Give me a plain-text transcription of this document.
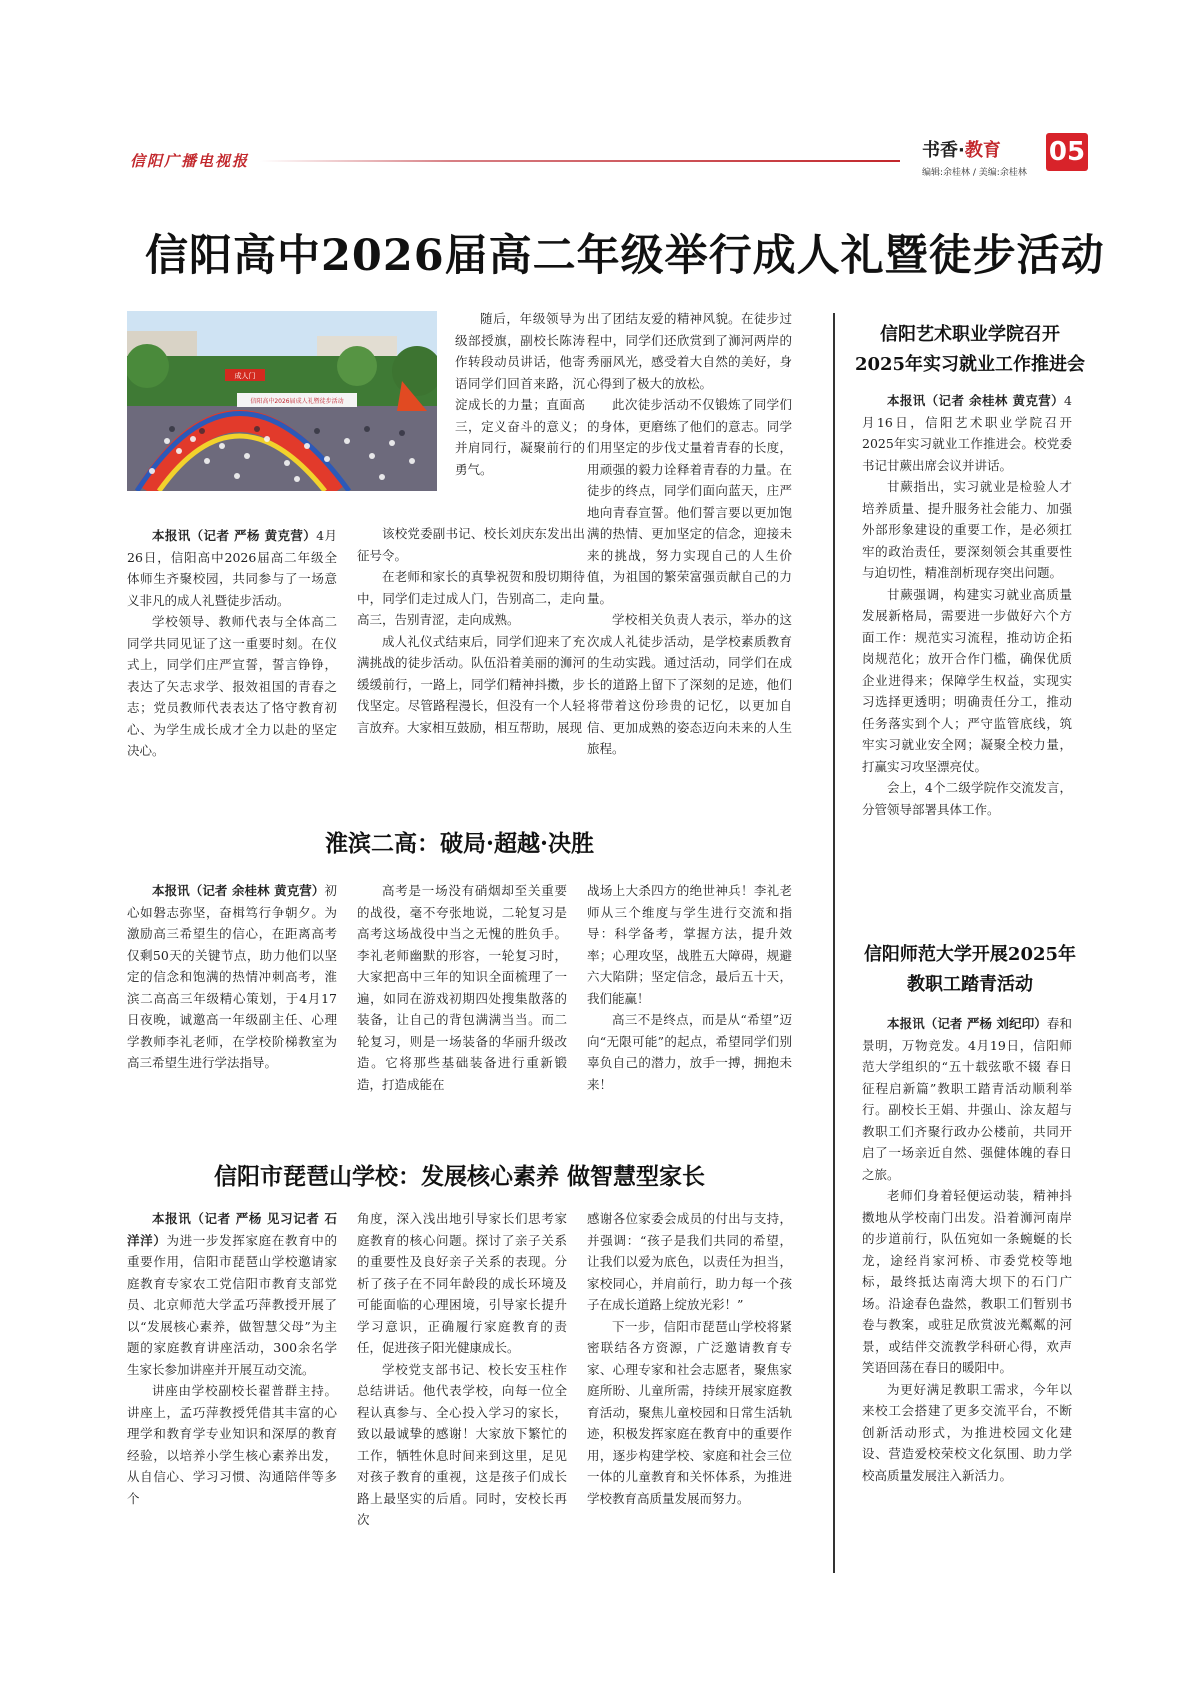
信阳广播电视报	书香·教育
编辑:余桂林 / 美编:余桂林
05
信阳高中2026届高二年级举行成人礼暨徒步活动
成人门
信阳高中2026届成人礼暨徒步活动

本报讯（记者 严杨 黄克营）4月26日，信阳高中2026届高二年级全体师生齐聚校园，共同参与了一场意义非凡的成人礼暨徒步活动。

学校领导、教师代表与全体高二同学共同见证了这一重要时刻。在仪式上，同学们庄严宣誓，誓言铮铮，表达了矢志求学、报效祖国的青春之志；党员教师代表表达了恪守教育初心、为学生成长成才全力以赴的坚定决心。

随后，年级领导为级部授旗，副校长陈涛作转段动员讲话，他寄语同学们回首来路，沉淀成长的力量；直面高三，定义奋斗的意义；并肩同行，凝聚前行的勇气。

该校党委副书记、校长刘庆东发出出征号令。

在老师和家长的真挚祝贺和殷切期待中，同学们走过成人门，告别高二，走向高三，告别青涩，走向成熟。

成人礼仪式结束后，同学们迎来了充满挑战的徒步活动。队伍沿着美丽的浉河缓缓前行，一路上，同学们精神抖擞，步伐坚定。尽管路程漫长，但没有一个人轻言放弃。大家相互鼓励，相互帮助，展现

出了团结友爱的精神风貌。在徒步过程中，同学们还欣赏到了浉河两岸的秀丽风光，感受着大自然的美好，身心得到了极大的放松。

此次徒步活动不仅锻炼了同学们的身体，更磨练了他们的意志。同学们用坚定的步伐丈量着青春的长度，用顽强的毅力诠释着青春的力量。在徒步的终点，同学们面向蓝天，庄严地向青春宣誓。他们誓言要以更加饱满的热情、更加坚定的信念，迎接未来的挑战，努力实现自己的人生价值，为祖国的繁荣富强贡献自己的力量。

学校相关负责人表示，举办的这次成人礼徒步活动，是学校素质教育的生动实践。通过活动，同学们在成长的道路上留下了深刻的足迹，他们将带着这份珍贵的记忆，以更加自信、更加成熟的姿态迈向未来的人生旅程。

淮滨二高：破局·超越·决胜

本报讯（记者 余桂林 黄克营）初心如磐志弥坚，奋楫笃行争朝夕。为激励高三希望生的信心，在距离高考仅剩50天的关键节点，助力他们以坚定的信念和饱满的热情冲刺高考，淮滨二高高三年级精心策划，于4月17日夜晚，诚邀高一年级副主任、心理学教师李礼老师，在学校阶梯教室为高三希望生进行学法指导。

高考是一场没有硝烟却至关重要的战役，毫不夸张地说，二轮复习是高考这场战役中当之无愧的胜负手。李礼老师幽默的形容，一轮复习时，大家把高中三年的知识全面梳理了一遍，如同在游戏初期四处搜集散落的装备，让自己的背包满满当当。而二轮复习，则是一场装备的华丽升级改造。它将那些基础装备进行重新锻造，打造成能在

战场上大杀四方的绝世神兵！李礼老师从三个维度与学生进行交流和指导：科学备考，掌握方法，提升效率；心理攻坚，战胜五大障碍，规避六大陷阱；坚定信念，最后五十天，我们能赢！

高三不是终点，而是从“希望”迈向“无限可能”的起点，希望同学们别辜负自己的潜力，放手一搏，拥抱未来！

信阳市琵琶山学校：发展核心素养 做智慧型家长

本报讯（记者 严杨 见习记者 石洋洋）为进一步发挥家庭在教育中的重要作用，信阳市琵琶山学校邀请家庭教育专家农工党信阳市教育支部党员、北京师范大学孟巧萍教授开展了以“发展核心素养，做智慧父母”为主题的家庭教育讲座活动，300余名学生家长参加讲座并开展互动交流。

讲座由学校副校长翟普群主持。讲座上，孟巧萍教授凭借其丰富的心理学和教育学专业知识和深厚的教育经验，以培养小学生核心素养出发，从自信心、学习习惯、沟通陪伴等多个

角度，深入浅出地引导家长们思考家庭教育的核心问题。探讨了亲子关系的重要性及良好亲子关系的表现。分析了孩子在不同年龄段的成长环境及可能面临的心理困境，引导家长提升学习意识，正确履行家庭教育的责任，促进孩子阳光健康成长。

学校党支部书记、校长安玉柱作总结讲话。他代表学校，向每一位全程认真参与、全心投入学习的家长，致以最诚挚的感谢！大家放下繁忙的工作，牺牲休息时间来到这里，足见对孩子教育的重视，这是孩子们成长路上最坚实的后盾。同时，安校长再次

感谢各位家委会成员的付出与支持，并强调：“孩子是我们共同的希望，让我们以爱为底色，以责任为担当，家校同心，并肩前行，助力每一个孩子在成长道路上绽放光彩！”

下一步，信阳市琵琶山学校将紧密联结各方资源，广泛邀请教育专家、心理专家和社会志愿者，聚焦家庭所盼、儿童所需，持续开展家庭教育活动，聚焦儿童校园和日常生活轨迹，积极发挥家庭在教育中的重要作用，逐步构建学校、家庭和社会三位一体的儿童教育和关怀体系，为推进学校教育高质量发展而努力。

信阳艺术职业学院召开
2025年实习就业工作推进会

本报讯（记者 余桂林 黄克营）4月16日，信阳艺术职业学院召开2025年实习就业工作推进会。校党委书记甘蕨出席会议并讲话。

甘蕨指出，实习就业是检验人才培养质量、提升服务社会能力、加强外部形象建设的重要工作，是必须扛牢的政治责任，要深刻领会其重要性与迫切性，精准剖析现存突出问题。

甘蕨强调，构建实习就业高质量发展新格局，需要进一步做好六个方面工作：规范实习流程，推动访企拓岗规范化；放开合作门槛，确保优质企业进得来；保障学生权益，实现实习选择更透明；明确责任分工，推动任务落实到个人；严守监管底线，筑牢实习就业安全网；凝聚全校力量，打赢实习攻坚漂亮仗。

会上，4个二级学院作交流发言，分管领导部署具体工作。

信阳师范大学开展2025年
教职工踏青活动

本报讯（记者 严杨 刘纪印）春和景明，万物竞发。4月19日，信阳师范大学组织的“五十载弦歌不辍 春日征程启新篇”教职工踏青活动顺利举行。副校长王娟、井强山、涂友超与教职工们齐聚行政办公楼前，共同开启了一场亲近自然、强健体魄的春日之旅。

老师们身着轻便运动装，精神抖擞地从学校南门出发。沿着浉河南岸的步道前行，队伍宛如一条蜿蜒的长龙，途经肖家河桥、市委党校等地标，最终抵达南湾大坝下的石门广场。沿途春色盎然，教职工们暂别书卷与教案，或驻足欣赏波光粼粼的河景，或结伴交流教学科研心得，欢声笑语回荡在春日的暖阳中。

为更好满足教职工需求，今年以来校工会搭建了更多交流平台，不断创新活动形式，为推进校园文化建设、营造爱校荣校文化氛围、助力学校高质量发展注入新活力。
